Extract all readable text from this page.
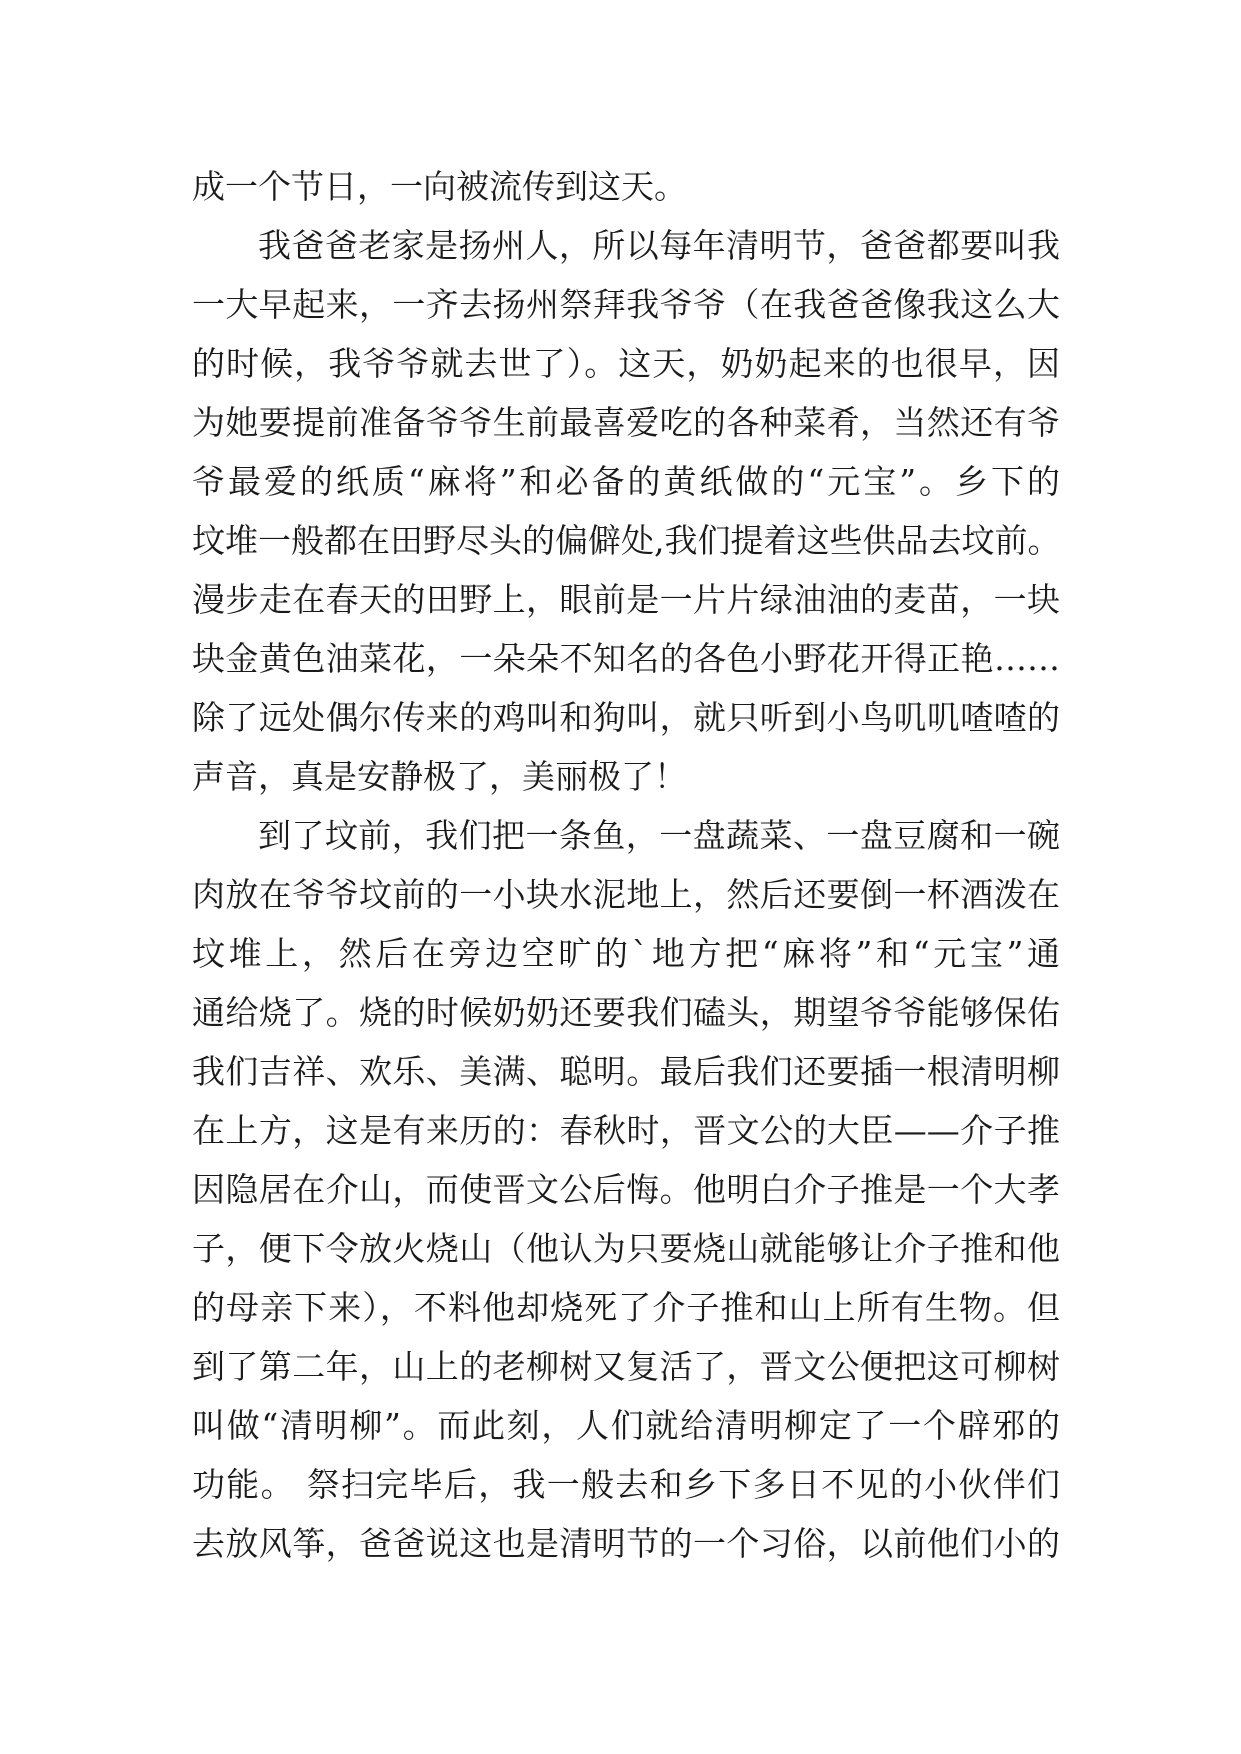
成一个节日，一向被流传到这天。
我爸爸老家是扬州人，所以每年清明节，爸爸都要叫我
一大早起来，一齐去扬州祭拜我爷爷（在我爸爸像我这么大
的时候，我爷爷就去世了）。这天，奶奶起来的也很早，因
为她要提前准备爷爷生前最喜爱吃的各种菜肴，当然还有爷
爷最爱的纸质“麻将”和必备的黄纸做的“元宝”。乡下的
坟堆一般都在田野尽头的偏僻处,我们提着这些供品去坟前。
漫步走在春天的田野上，眼前是一片片绿油油的麦苗，一块
块金黄色油菜花，一朵朵不知名的各色小野花开得正艳……
除了远处偶尔传来的鸡叫和狗叫，就只听到小鸟叽叽喳喳的
声音，真是安静极了，美丽极了！
到了坟前，我们把一条鱼，一盘蔬菜、一盘豆腐和一碗
肉放在爷爷坟前的一小块水泥地上，然后还要倒一杯酒泼在
坟堆上，然后在旁边空旷的`地方把“麻将”和“元宝”通
通给烧了。烧的时候奶奶还要我们磕头，期望爷爷能够保佑
我们吉祥、欢乐、美满、聪明。最后我们还要插一根清明柳
在上方，这是有来历的：春秋时，晋文公的大臣——介子推
因隐居在介山，而使晋文公后悔。他明白介子推是一个大孝
子，便下令放火烧山（他认为只要烧山就能够让介子推和他
的母亲下来），不料他却烧死了介子推和山上所有生物。但
到了第二年，山上的老柳树又复活了，晋文公便把这可柳树
叫做“清明柳”。而此刻，人们就给清明柳定了一个辟邪的
功能。 祭扫完毕后，我一般去和乡下多日不见的小伙伴们
去放风筝，爸爸说这也是清明节的一个习俗，以前他们小的
